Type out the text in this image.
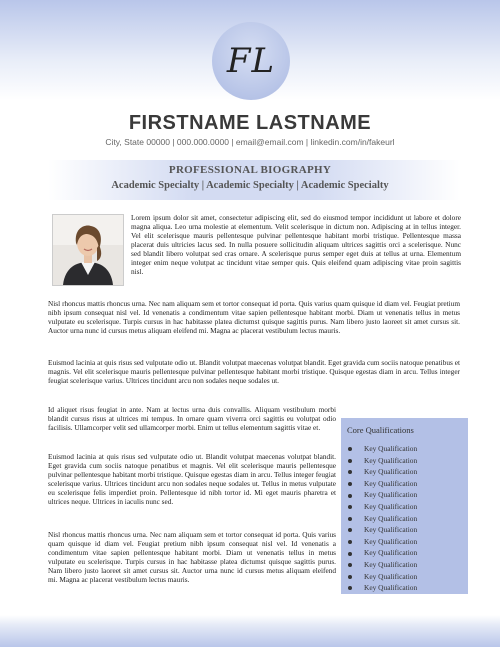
FL
FIRSTNAME LASTNAME
City, State 00000 | 000.000.0000 | email@email.com | linkedin.com/in/fakeurl
PROFESSIONAL BIOGRAPHY
Academic Specialty | Academic Specialty | Academic Specialty

Lorem ipsum dolor sit amet, consectetur adipiscing elit, sed do eiusmod tempor incididunt ut labore et dolore magna aliqua. Leo urna molestie at elementum. Velit scelerisque in dictum non. Adipiscing at in tellus integer. Vel elit scelerisque mauris pellentesque pulvinar pellentesque habitant morbi tristique. Pellentesque massa placerat duis ultricies lacus sed. In nulla posuere sollicitudin aliquam ultrices sagittis orci a scelerisque. Nunc sed blandit libero volutpat sed cras ornare. A scelerisque purus semper eget duis at tellus at urna. Elementum integer enim neque volutpat ac tincidunt vitae semper quis. Quis eleifend quam adipiscing vitae proin sagittis nisl.

Nisl rhoncus mattis rhoncus urna. Nec nam aliquam sem et tortor consequat id porta. Quis varius quam quisque id diam vel. Feugiat pretium nibh ipsum consequat nisl vel. Id venenatis a condimentum vitae sapien pellentesque habitant morbi. Diam ut venenatis tellus in metus vulputate eu scelerisque. Turpis cursus in hac habitasse platea dictumst quisque sagittis purus. Nam libero justo laoreet sit amet cursus sit. Auctor urna nunc id cursus metus aliquam eleifend mi. Magna ac placerat vestibulum lectus mauris.

Euismod lacinia at quis risus sed vulputate odio ut. Blandit volutpat maecenas volutpat blandit. Eget gravida cum sociis natoque penatibus et magnis. Vel elit scelerisque mauris pellentesque pulvinar pellentesque habitant morbi tristique. Quisque egestas diam in arcu. Tellus integer feugiat scelerisque varius. Ultrices tincidunt arcu non sodales neque sodales ut.

Id aliquet risus feugiat in ante. Nam at lectus urna duis convallis. Aliquam vestibulum morbi blandit cursus risus at ultrices mi tempus. In ornare quam viverra orci sagittis eu volutpat odio facilisis. Ullamcorper velit sed ullamcorper morbi. Enim ut tellus elementum sagittis vitae et.

Euismod lacinia at quis risus sed vulputate odio ut. Blandit volutpat maecenas volutpat blandit. Eget gravida cum sociis natoque penatibus et magnis. Vel elit scelerisque mauris pellentesque pulvinar pellentesque habitant morbi tristique. Quisque egestas diam in arcu. Tellus integer feugiat scelerisque varius. Ultrices tincidunt arcu non sodales neque sodales ut. Tellus in metus vulputate eu scelerisque felis imperdiet proin. Pellentesque id nibh tortor id. Mi eget mauris pharetra et ultrices neque. Ultrices in iaculis nunc sed.

Nisl rhoncus mattis rhoncus urna. Nec nam aliquam sem et tortor consequat id porta. Quis varius quam quisque id diam vel. Feugiat pretium nibh ipsum consequat nisl vel. Id venenatis a condimentum vitae sapien pellentesque habitant morbi. Diam ut venenatis tellus in metus vulputate eu scelerisque. Turpis cursus in hac habitasse platea dictumst quisque sagittis purus. Nam libero justo laoreet sit amet cursus sit. Auctor urna nunc id cursus metus aliquam eleifend mi. Magna ac placerat vestibulum lectus mauris.

Core Qualifications
Key Qualification
Key Qualification
Key Qualification
Key Qualification
Key Qualification
Key Qualification
Key Qualification
Key Qualification
Key Qualification
Key Qualification
Key Qualification
Key Qualification
Key Qualification
